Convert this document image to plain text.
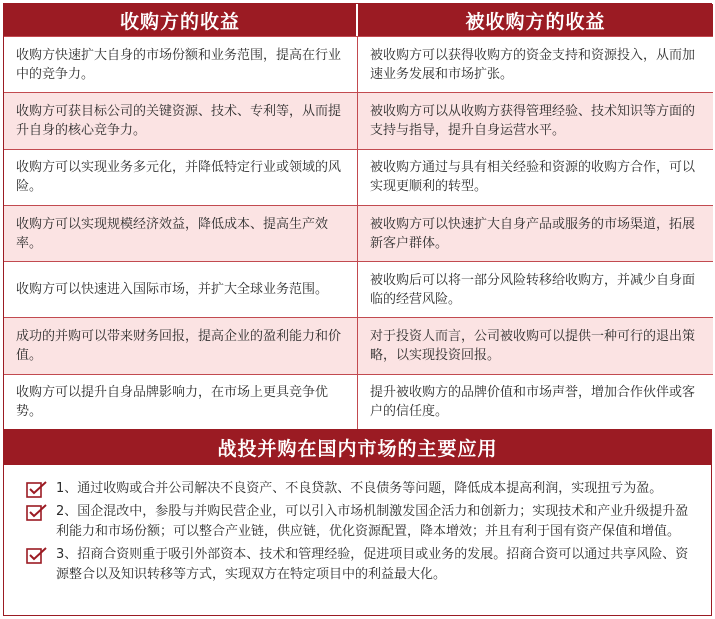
收购方的收益	被收购方的收益
收购方快速扩大自身的市场份额和业务范围，提高在行业中的竞争力。
被收购方可以获得收购方的资金支持和资源投入，从而加速业务发展和市场扩张。
收购方可获目标公司的关键资源、技术、专利等，从而提升自身的核心竞争力。
被收购方可以从收购方获得管理经验、技术知识等方面的支持与指导，提升自身运营水平。
收购方可以实现业务多元化，并降低特定行业或领域的风险。
被收购方通过与具有相关经验和资源的收购方合作，可以实现更顺利的转型。
收购方可以实现规模经济效益，降低成本、提高生产效率。
被收购方可以快速扩大自身产品或服务的市场渠道，拓展新客户群体。
收购方可以快速进入国际市场，并扩大全球业务范围。
被收购后可以将一部分风险转移给收购方，并减少自身面临的经营风险。
成功的并购可以带来财务回报，提高企业的盈利能力和价值。
对于投资人而言，公司被收购可以提供一种可行的退出策略，以实现投资回报。
收购方可以提升自身品牌影响力，在市场上更具竞争优势。
提升被收购方的品牌价值和市场声誉，增加合作伙伴或客户的信任度。
战投并购在国内市场的主要应用
1、通过收购或合并公司解决不良资产、不良贷款、不良债务等问题，降低成本提高利润，实现扭亏为盈。
2、国企混改中，参股与并购民营企业，可以引入市场机制激发国企活力和创新力；实现技术和产业升级提升盈利能力和市场份额；可以整合产业链，供应链，优化资源配置，降本增效；并且有利于国有资产保值和增值。
3、招商合资则重于吸引外部资本、技术和管理经验，促进项目或业务的发展。招商合资可以通过共享风险、资源整合以及知识转移等方式，实现双方在特定项目中的利益最大化。
